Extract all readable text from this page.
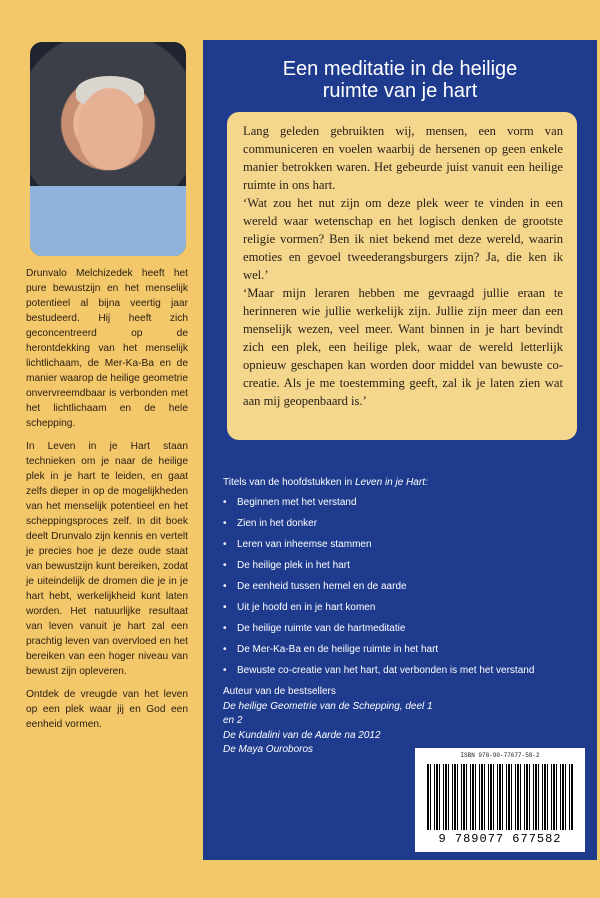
Drunvalo Melchizedek heeft het pure bewustzijn en het menselijk potentieel al bijna veertig jaar bestudeerd. Hij heeft zich geconcentreerd op de herontdekking van het menselijk lichtlichaam, de Mer-Ka-Ba en de manier waarop de heilige geometrie onvervreemdbaar is verbonden met het lichtlichaam en de hele schepping.

In Leven in je Hart staan technieken om je naar de heilige plek in je hart te leiden, en gaat zelfs dieper in op de mogelijkheden van het menselijk potentieel en het scheppingsproces zelf. In dit boek deelt Drunvalo zijn kennis en vertelt je precies hoe je deze oude staat van bewustzijn kunt bereiken, zodat je uiteindelijk de dromen die je in je hart hebt, werkelijkheid kunt laten worden. Het natuurlijke resultaat van leven vanuit je hart zal een prachtig leven van overvloed en het bereiken van een hoger niveau van bewust zijn opleveren.

Ontdek de vreugde van het leven op een plek waar jij en God een eenheid vormen.

Een meditatie in de heilige
ruimte van je hart

Lang geleden gebruikten wij, mensen, een vorm van communiceren en voelen waarbij de hersenen op geen enkele manier betrokken waren. Het gebeurde juist vanuit een heilige ruimte in ons hart.

‘Wat zou het nut zijn om deze plek weer te vinden in een wereld waar wetenschap en het logisch denken de grootste religie vormen? Ben ik niet bekend met deze wereld, waarin emoties en gevoel tweederangsburgers zijn? Ja, die ken ik wel.’

‘Maar mijn leraren hebben me gevraagd jullie eraan te herinneren wie jullie werkelijk zijn. Jullie zijn meer dan een menselijk wezen, veel meer. Want binnen in je hart bevindt zich een plek, een heilige plek, waar de wereld letterlijk opnieuw geschapen kan worden door middel van bewuste co-creatie. Als je me toestemming geeft, zal ik je laten zien wat aan mij geopenbaard is.’

Titels van de hoofdstukken in Leven in je Hart:
• Beginnen met het verstand
• Zien in het donker
• Leren van inheemse stammen
• De heilige plek in het hart
• De eenheid tussen hemel en de aarde
• Uit je hoofd en in je hart komen
• De heilige ruimte van de hartmeditatie
• De Mer-Ka-Ba en de heilige ruimte in het hart
• Bewuste co-creatie van het hart, dat verbonden is met het verstand
Auteur van de bestsellers
De heilige Geometrie van de Schepping, deel 1 en 2
De Kundalini van de Aarde na 2012
De Maya Ouroboros
ISBN 978-90-77677-58-2
9 789077 677582
